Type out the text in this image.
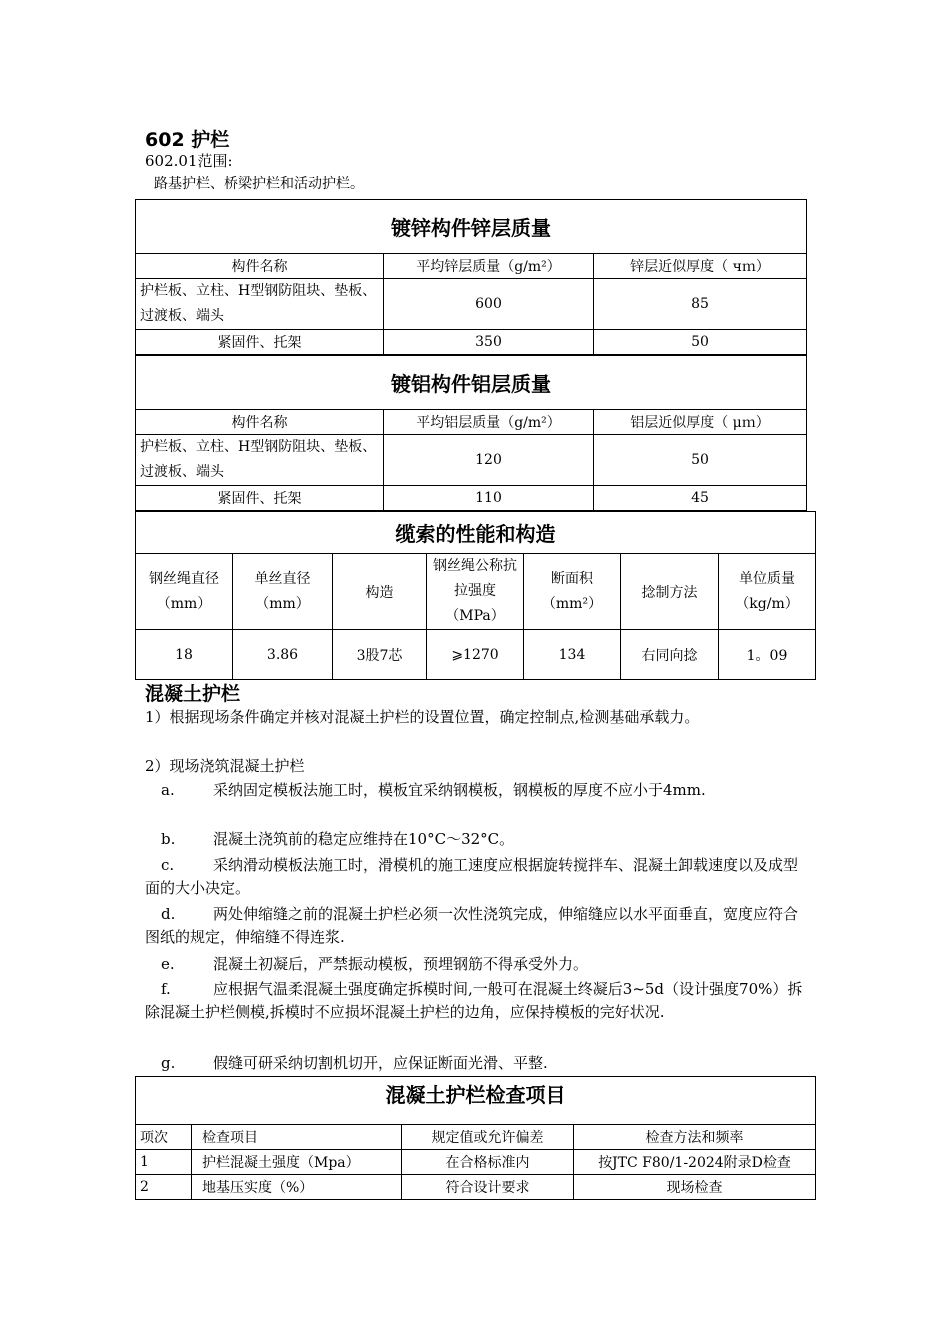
602 护栏
602.01范围:
路基护栏、桥梁护栏和活动护栏。
镀锌构件锌层质量		
构件名称	平均锌层质量（g/m²）	锌层近似厚度（ чｍ）
护栏板、立柱、H型钢防阻块、垫板、过渡板、端头	600	85
紧固件、托架	350	50
镀铝构件铝层质量		
构件名称	平均铝层质量（g/m²）	铝层近似厚度（ μｍ）
护栏板、立柱、H型钢防阻块、垫板、过渡板、端头	120	50
紧固件、托架	110	45
缆索的性能和构造						
钢丝绳直径（mm）	单丝直径（mm）	构造	钢丝绳公称抗拉强度（MPa）	断面积（mm²）	捻制方法	单位质量（kg/m）
18	3.86	3股7芯	⩾1270	134	右同向捻	1。09
混凝土护栏
1）根据现场条件确定并核对混凝土护栏的设置位置，确定控制点,检测基础承载力。
2）现场浇筑混凝土护栏
a.	采纳固定模板法施工时，模板宜采纳钢模板，钢模板的厚度不应小于4mm.
b.	混凝土浇筑前的稳定应维持在10°C～32°C。
c.	采纳滑动模板法施工时，滑模机的施工速度应根据旋转搅拌车、混凝土卸载速度以及成型面的大小决定。
d.	两处伸缩缝之前的混凝土护栏必须一次性浇筑完成，伸缩缝应以水平面垂直，宽度应符合图纸的规定，伸缩缝不得连浆.
e.	混凝土初凝后，严禁振动模板，预埋钢筋不得承受外力。
f.	应根据气温柔混凝土强度确定拆模时间,一般可在混凝土终凝后3~5d（设计强度70%）拆除混凝土护栏侧模,拆模时不应损坏混凝土护栏的边角，应保持模板的完好状况.
g.	假缝可研采纳切割机切开，应保证断面光滑、平整.
混凝土护栏检查项目			
项次	检查项目	规定值或允许偏差	检查方法和频率
1	护栏混凝土强度（Mpa）	在合格标准内	按JTC F80/1-2024附录D检查
2	地基压实度（%）	符合设计要求	现场检查
